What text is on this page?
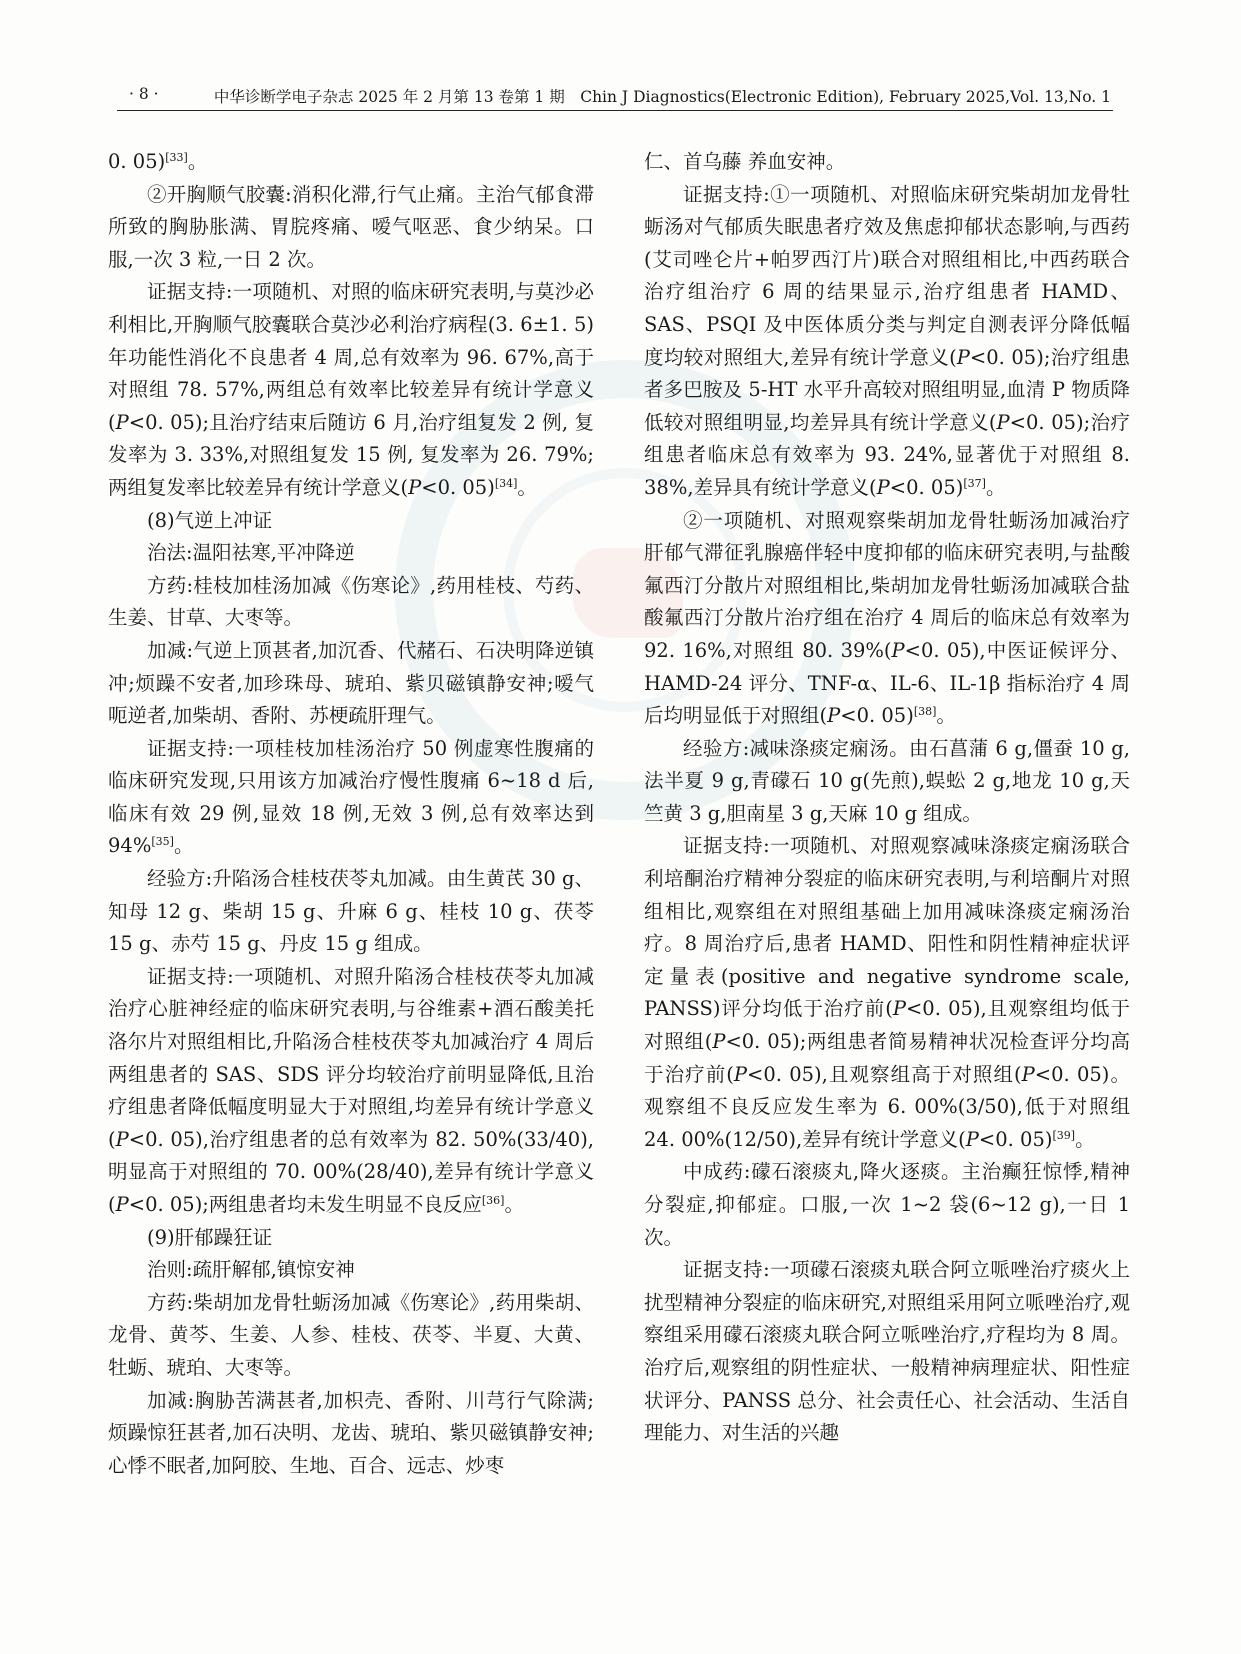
· 8 ·	中华诊断学电子杂志 2025 年 2 月第 13 卷第 1 期　Chin J Diagnostics(Electronic Edition), February 2025,Vol. 13,No. 1

0. 05)[33]。

②开胸顺气胶囊:消积化滞,行气止痛。主治气郁食滞所致的胸胁胀满、胃脘疼痛、嗳气呕恶、食少纳呆。口服,一次 3 粒,一日 2 次。

证据支持:一项随机、对照的临床研究表明,与莫沙必利相比,开胸顺气胶囊联合莫沙必利治疗病程(3. 6±1. 5)年功能性消化不良患者 4 周,总有效率为 96. 67%,高于对照组 78. 57%,两组总有效率比较差异有统计学意义(P<0. 05);且治疗结束后随访 6 月,治疗组复发 2 例, 复发率为 3. 33%,对照组复发 15 例, 复发率为 26. 79%;两组复发率比较差异有统计学意义(P<0. 05)[34]。

(8)气逆上冲证

治法:温阳祛寒,平冲降逆

方药:桂枝加桂汤加减《伤寒论》,药用桂枝、芍药、生姜、甘草、大枣等。

加减:气逆上顶甚者,加沉香、代赭石、石决明降逆镇冲;烦躁不安者,加珍珠母、琥珀、紫贝磁镇静安神;嗳气呃逆者,加柴胡、香附、苏梗疏肝理气。

证据支持:一项桂枝加桂汤治疗 50 例虚寒性腹痛的临床研究发现,只用该方加减治疗慢性腹痛 6~18 d 后,临床有效 29 例,显效 18 例,无效 3 例,总有效率达到 94%[35]。

经验方:升陷汤合桂枝茯苓丸加减。由生黄芪 30 g、知母 12 g、柴胡 15 g、升麻 6 g、桂枝 10 g、茯苓 15 g、赤芍 15 g、丹皮 15 g 组成。

证据支持:一项随机、对照升陷汤合桂枝茯苓丸加减治疗心脏神经症的临床研究表明,与谷维素+酒石酸美托洛尔片对照组相比,升陷汤合桂枝茯苓丸加减治疗 4 周后两组患者的 SAS、SDS 评分均较治疗前明显降低,且治疗组患者降低幅度明显大于对照组,均差异有统计学意义(P<0. 05),治疗组患者的总有效率为 82. 50%(33/40),明显高于对照组的 70. 00%(28/40),差异有统计学意义(P<0. 05);两组患者均未发生明显不良反应[36]。

(9)肝郁躁狂证

治则:疏肝解郁,镇惊安神

方药:柴胡加龙骨牡蛎汤加减《伤寒论》,药用柴胡、龙骨、黄芩、生姜、人参、桂枝、茯苓、半夏、大黄、牡蛎、琥珀、大枣等。

加减:胸胁苦满甚者,加枳壳、香附、川芎行气除满; 烦躁惊狂甚者,加石决明、龙齿、琥珀、紫贝磁镇静安神;心悸不眠者,加阿胶、生地、百合、远志、炒枣

仁、首乌藤 养血安神。

证据支持:①一项随机、对照临床研究柴胡加龙骨牡蛎汤对气郁质失眠患者疗效及焦虑抑郁状态影响,与西药(艾司唑仑片+帕罗西汀片)联合对照组相比,中西药联合治疗组治疗 6 周的结果显示,治疗组患者 HAMD、SAS、PSQI 及中医体质分类与判定自测表评分降低幅度均较对照组大,差异有统计学意义(P<0. 05);治疗组患者多巴胺及 5-HT 水平升高较对照组明显,血清 P 物质降低较对照组明显,均差异具有统计学意义(P<0. 05);治疗组患者临床总有效率为 93. 24%,显著优于对照组 8. 38%,差异具有统计学意义(P<0. 05)[37]。

②一项随机、对照观察柴胡加龙骨牡蛎汤加减治疗肝郁气滞征乳腺癌伴轻中度抑郁的临床研究表明,与盐酸氟西汀分散片对照组相比,柴胡加龙骨牡蛎汤加减联合盐酸氟西汀分散片治疗组在治疗 4 周后的临床总有效率为 92. 16%,对照组 80. 39%(P<0. 05),中医证候评分、HAMD-24 评分、TNF-α、IL-6、IL-1β 指标治疗 4 周后均明显低于对照组(P<0. 05)[38]。

经验方:减味涤痰定痫汤。由石菖蒲 6 g,僵蚕 10 g,法半夏 9 g,青礞石 10 g(先煎),蜈蚣 2 g,地龙 10 g,天竺黄 3 g,胆南星 3 g,天麻 10 g 组成。

证据支持:一项随机、对照观察减味涤痰定痫汤联合利培酮治疗精神分裂症的临床研究表明,与利培酮片对照组相比,观察组在对照组基础上加用减味涤痰定痫汤治疗。8 周治疗后,患者 HAMD、阳性和阴性精神症状评定量表(positive and negative syndrome scale, PANSS)评分均低于治疗前(P<0. 05),且观察组均低于对照组(P<0. 05);两组患者简易精神状况检查评分均高于治疗前(P<0. 05),且观察组高于对照组(P<0. 05)。观察组不良反应发生率为 6. 00%(3/50),低于对照组 24. 00%(12/50),差异有统计学意义(P<0. 05)[39]。

中成药:礞石滚痰丸,降火逐痰。主治癫狂惊悸,精神分裂症,抑郁症。口服,一次 1~2 袋(6~12 g),一日 1 次。

证据支持:一项礞石滚痰丸联合阿立哌唑治疗痰火上扰型精神分裂症的临床研究,对照组采用阿立哌唑治疗,观察组采用礞石滚痰丸联合阿立哌唑治疗,疗程均为 8 周。治疗后,观察组的阴性症状、一般精神病理症状、阳性症状评分、PANSS 总分、社会责任心、社会活动、生活自理能力、对生活的兴趣
